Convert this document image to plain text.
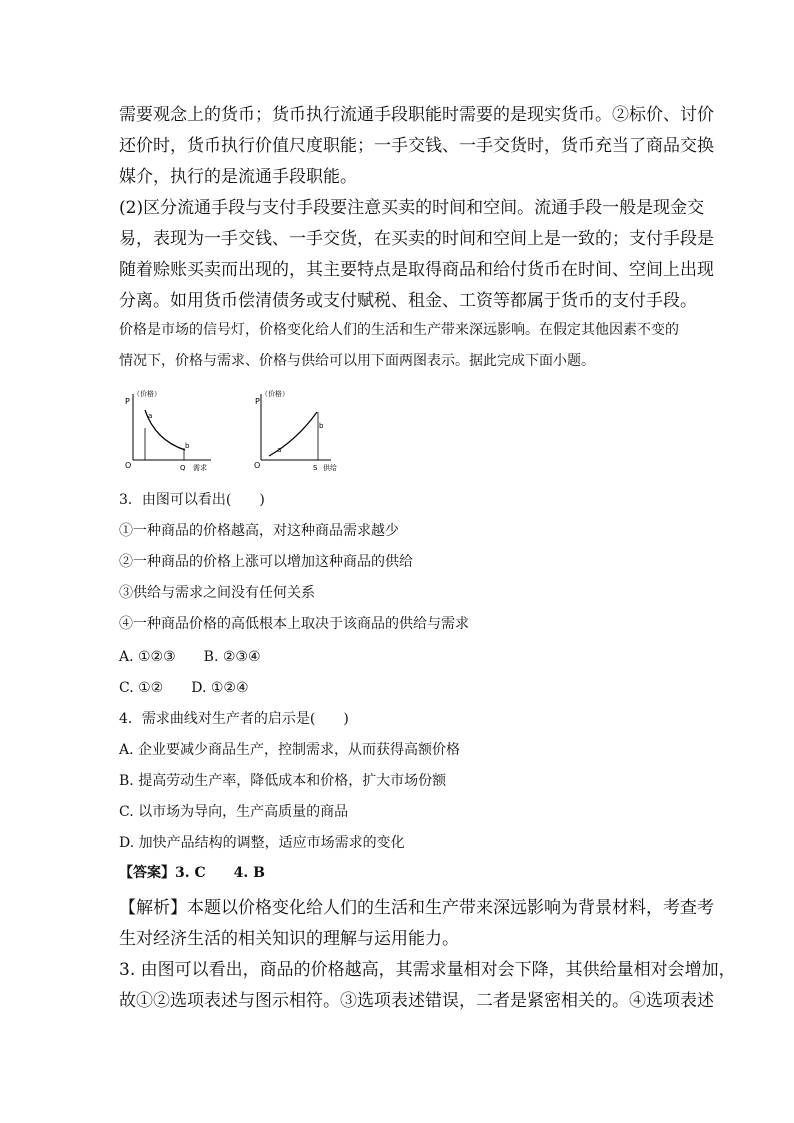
需要观念上的货币；货币执行流通手段职能时需要的是现实货币。②标价、讨价
还价时，货币执行价值尺度职能；一手交钱、一手交货时，货币充当了商品交换
媒介，执行的是流通手段职能。
(2)区分流通手段与支付手段要注意买卖的时间和空间。流通手段一般是现金交
易，表现为一手交钱、一手交货，在买卖的时间和空间上是一致的；支付手段是
随着赊账买卖而出现的，其主要特点是取得商品和给付货币在时间、空间上出现
分离。如用货币偿清债务或支付赋税、租金、工资等都属于货币的支付手段。
价格是市场的信号灯，价格变化给人们的生活和生产带来深远影响。在假定其他因素不变的
情况下，价格与需求、价格与供给可以用下面两图表示。据此完成下面小题。
P
（价格）
a
b
O	Q 需求
P
（价格）
a
b
O	S 供给
3．由图可以看出(　　)
①一种商品的价格越高，对这种商品需求越少
②一种商品的价格上涨可以增加这种商品的供给
③供给与需求之间没有任何关系
④一种商品价格的高低根本上取决于该商品的供给与需求
A. ①②③　　B. ②③④
C. ①②　　D. ①②④
4．需求曲线对生产者的启示是(　　)
A. 企业要减少商品生产，控制需求，从而获得高额价格
B. 提高劳动生产率，降低成本和价格，扩大市场份额
C. 以市场为导向，生产高质量的商品
D. 加快产品结构的调整，适应市场需求的变化
【答案】3. C　　4. B
【解析】本题以价格变化给人们的生活和生产带来深远影响为背景材料，考查考
生对经济生活的相关知识的理解与运用能力。
3. 由图可以看出，商品的价格越高，其需求量相对会下降，其供给量相对会增加，
故①②选项表述与图示相符。③选项表述错误，二者是紧密相关的。④选项表述
